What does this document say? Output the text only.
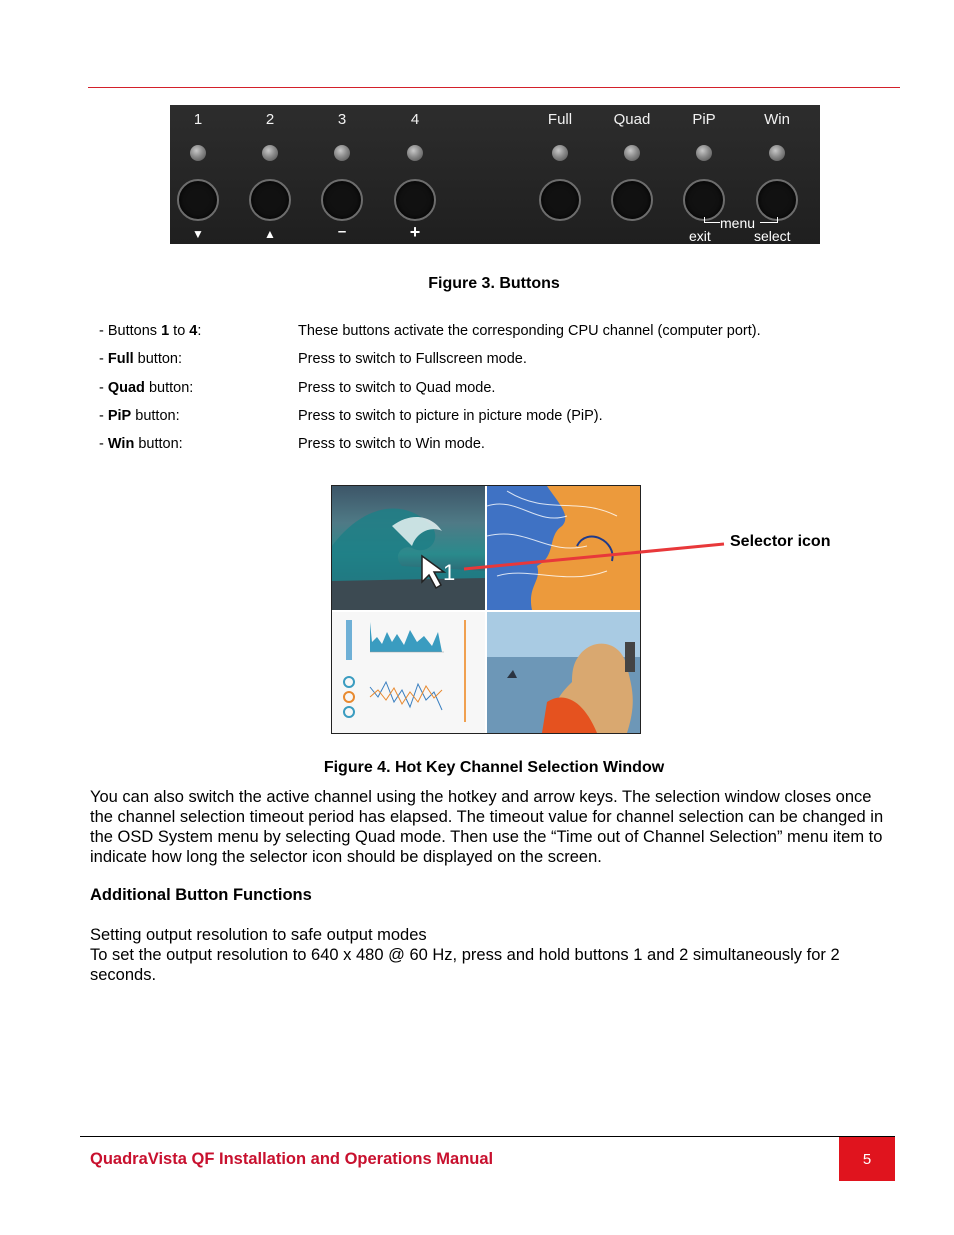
1	2	3	4	Full	Quad	PiP	Win
▼	▲	–	+	menu
exit	select
Figure 3. Buttons
- Buttons 1 to 4:	These buttons activate the corresponding CPU channel (computer port).
- Full button:	Press to switch to Fullscreen mode.
- Quad button:	Press to switch to Quad mode.
- PiP button:	Press to switch to picture in picture mode (PiP).
- Win button:	Press to switch to Win mode.
1
Selector icon
Figure 4. Hot Key Channel Selection Window
You can also switch the active channel using the hotkey and arrow keys. The selection window closes once the channel selection timeout period has elapsed. The timeout value for channel selection can be changed in the OSD System menu by selecting Quad mode. Then use the “Time out of Channel Selection” menu item to indicate how long the selector icon should be displayed on the screen.
Additional Button Functions
Setting output resolution to safe output modes
To set the output resolution to 640 x 480 @ 60 Hz, press and hold buttons 1 and 2 simultaneously for 2 seconds.
QuadraVista QF Installation and Operations Manual	5
